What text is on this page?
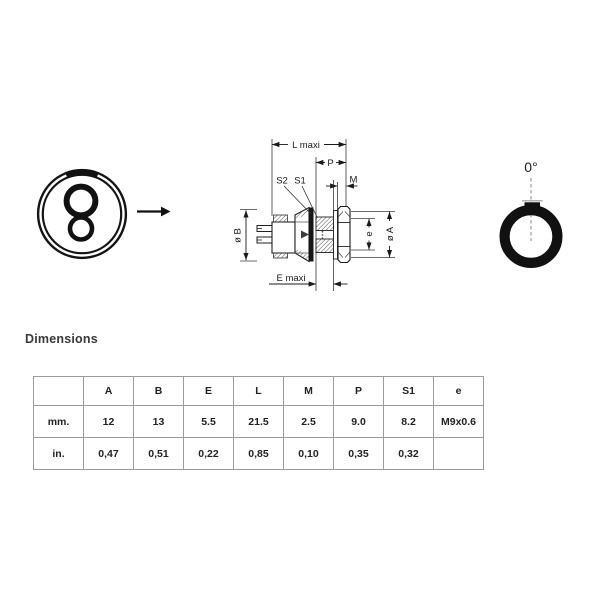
L maxi
P
M
S2 S1
E maxi
ø B	ø A
e
0°
Dimensions
	A	B	E	L	M	P	S1	e
mm.	12	13	5.5	21.5	2.5	9.0	8.2	M9x0.6
in.	0,47	0,51	0,22	0,85	0,10	0,35	0,32	
